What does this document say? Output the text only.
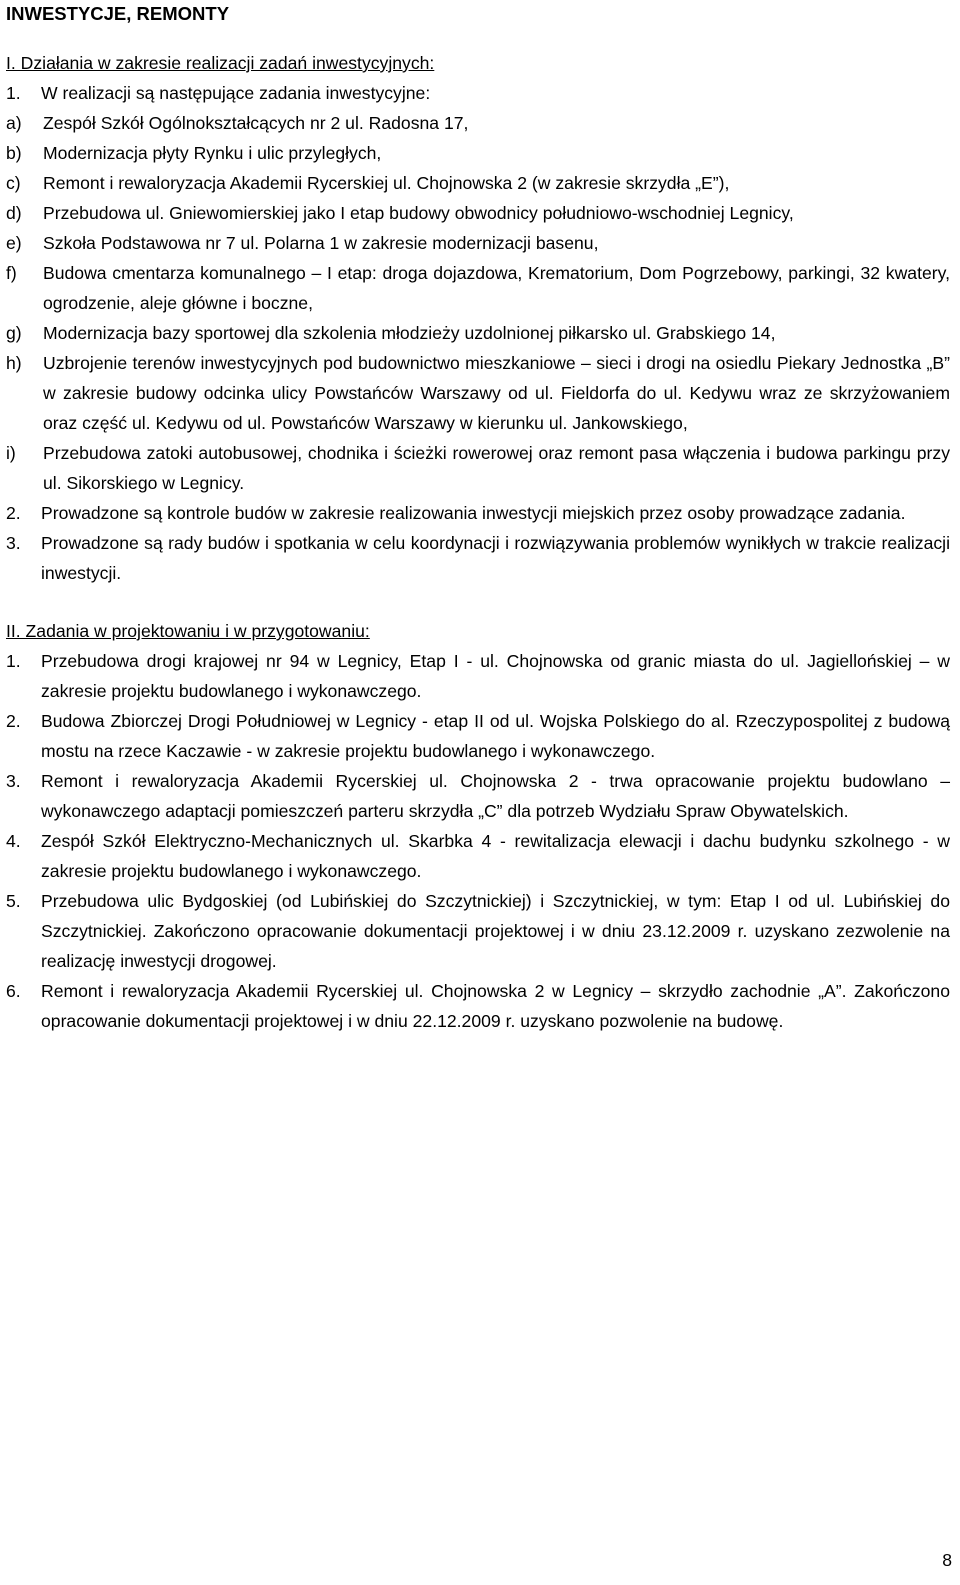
INWESTYCJE, REMONTY
I. Działania w zakresie realizacji zadań inwestycyjnych:
1.	W realizacji są następujące zadania inwestycyjne:
a)	Zespół Szkół Ogólnokształcących nr 2 ul. Radosna 17,
b)	Modernizacja płyty Rynku i ulic przyległych,
c)	Remont i rewaloryzacja Akademii Rycerskiej ul. Chojnowska 2 (w zakresie skrzydła „E”),
d)	Przebudowa ul. Gniewomierskiej jako I etap budowy obwodnicy południowo-wschodniej Legnicy,
e)	Szkoła Podstawowa nr 7 ul. Polarna 1 w zakresie modernizacji basenu,
f)	Budowa cmentarza komunalnego – I etap: droga dojazdowa, Krematorium, Dom Pogrzebowy, parkingi, 32 kwatery, ogrodzenie, aleje główne i boczne,
g)	Modernizacja bazy sportowej dla szkolenia młodzieży uzdolnionej piłkarsko ul. Grabskiego 14,
h)	Uzbrojenie terenów inwestycyjnych pod budownictwo mieszkaniowe – sieci i drogi na osiedlu Piekary Jednostka „B” w zakresie budowy odcinka ulicy Powstańców Warszawy od ul. Fieldorfa do ul. Kedywu wraz ze skrzyżowaniem oraz część ul. Kedywu od ul. Powstańców Warszawy w kierunku ul. Jankowskiego,
i)	Przebudowa zatoki autobusowej, chodnika i ścieżki rowerowej oraz remont pasa włączenia i budowa parkingu przy ul. Sikorskiego w Legnicy.
2.	Prowadzone są kontrole budów w zakresie realizowania inwestycji miejskich przez osoby prowadzące zadania.
3.	Prowadzone są rady budów i spotkania w celu koordynacji i rozwiązywania problemów wynikłych w trakcie realizacji inwestycji.
II. Zadania w projektowaniu i w przygotowaniu:
1.	Przebudowa drogi krajowej nr 94 w Legnicy, Etap I - ul. Chojnowska od granic miasta do ul. Jagiellońskiej – w zakresie projektu budowlanego i wykonawczego.
2.	Budowa Zbiorczej Drogi Południowej w Legnicy - etap II od ul. Wojska Polskiego do al. Rzeczypospolitej z budową mostu na rzece Kaczawie - w zakresie projektu budowlanego i wykonawczego.
3.	Remont i rewaloryzacja Akademii Rycerskiej ul. Chojnowska 2 - trwa opracowanie projektu budowlano – wykonawczego adaptacji pomieszczeń parteru skrzydła „C” dla potrzeb Wydziału Spraw Obywatelskich.
4.	Zespół Szkół Elektryczno-Mechanicznych ul. Skarbka 4 - rewitalizacja elewacji i dachu budynku szkolnego - w zakresie projektu budowlanego i wykonawczego.
5.	Przebudowa ulic Bydgoskiej (od Lubińskiej do Szczytnickiej) i Szczytnickiej, w tym: Etap I od ul. Lubińskiej do Szczytnickiej. Zakończono opracowanie dokumentacji projektowej i w dniu 23.12.2009 r. uzyskano zezwolenie na realizację inwestycji drogowej.
6.	Remont i rewaloryzacja Akademii Rycerskiej ul. Chojnowska 2 w Legnicy – skrzydło zachodnie „A”. Zakończono opracowanie dokumentacji projektowej i w dniu 22.12.2009 r. uzyskano pozwolenie na budowę.
8
